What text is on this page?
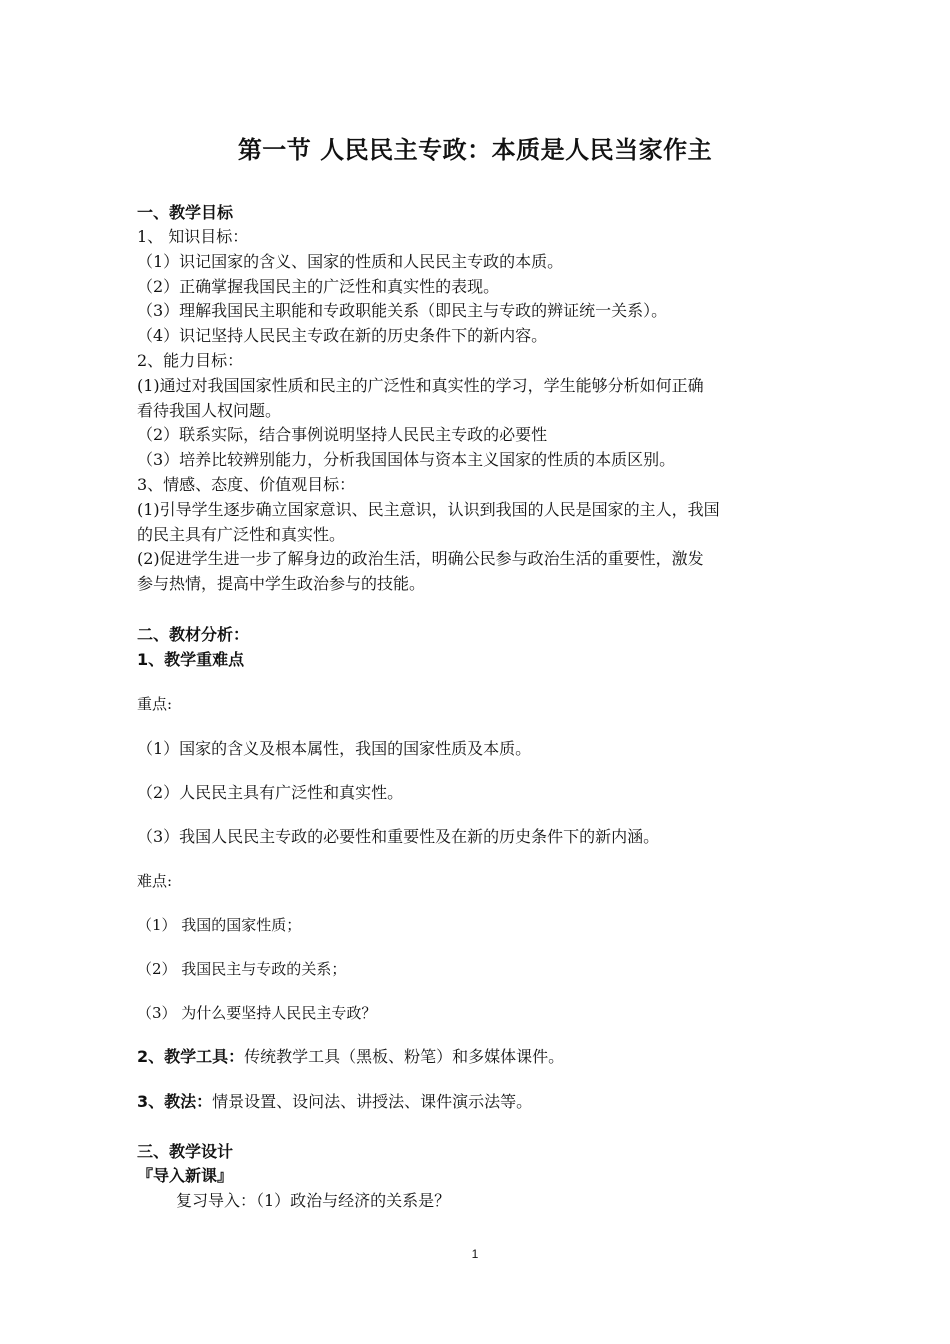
第一节 人民民主专政：本质是人民当家作主
一、教学目标
1、 知识目标：
（1）识记国家的含义、国家的性质和人民民主专政的本质。
（2）正确掌握我国民主的广泛性和真实性的表现。
（3）理解我国民主职能和专政职能关系（即民主与专政的辨证统一关系）。
（4）识记坚持人民民主专政在新的历史条件下的新内容。
2、能力目标：
(1)通过对我国国家性质和民主的广泛性和真实性的学习，学生能够分析如何正确
看待我国人权问题。
（2）联系实际，结合事例说明坚持人民民主专政的必要性
（3）培养比较辨别能力，分析我国国体与资本主义国家的性质的本质区别。
3、情感、态度、价值观目标：
(1)引导学生逐步确立国家意识、民主意识，认识到我国的人民是国家的主人，我国
的民主具有广泛性和真实性。
(2)促进学生进一步了解身边的政治生活，明确公民参与政治生活的重要性，激发
参与热情，提高中学生政治参与的技能。
二、教材分析：
1、教学重难点
重点:
（1）国家的含义及根本属性，我国的国家性质及本质。
（2）人民民主具有广泛性和真实性。
（3）我国人民民主专政的必要性和重要性及在新的历史条件下的新内涵。
难点:
（1） 我国的国家性质；
（2） 我国民主与专政的关系；
（3） 为什么要坚持人民民主专政？
2、教学工具：传统教学工具（黑板、粉笔）和多媒体课件。
3、教法：情景设置、设问法、讲授法、课件演示法等。
三、教学设计
『导入新课』
复习导入：（1）政治与经济的关系是？
1
